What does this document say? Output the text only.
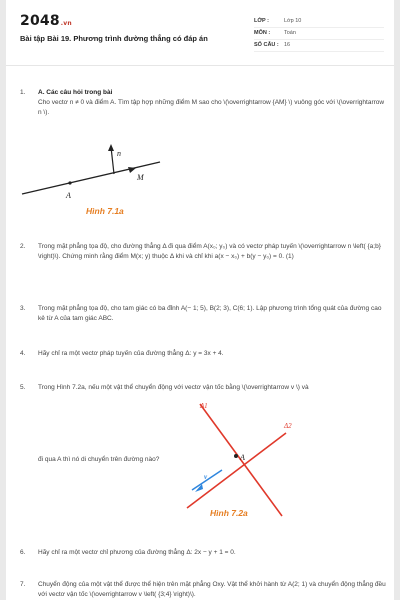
2048.vn
Bài tập Bài 19. Phương trình đường thẳng có đáp án
LỚP :	Lớp 10
MÔN :	Toán
SỐ CÂU : 16
1.	A. Các câu hỏi trong bài
Cho vectơ n ≠ 0 và điểm A. Tìm tập hợp những điểm M sao cho \(\overrightarrow {AM} \) vuông góc với \(\overrightarrow n \).
n
M
A
Hình 7.1a
2.	Trong mặt phẳng tọa độ, cho đường thẳng Δ đi qua điểm A(x₀; y₀) và có vectơ pháp tuyến \(\overrightarrow n \left( {a;b} \right)\). Chứng minh rằng điểm M(x; y) thuộc Δ khi và chỉ khi a(x − x₀) + b(y − y₀) = 0. (1)
3.	Trong mặt phẳng tọa độ, cho tam giác có ba đỉnh A(− 1; 5), B(2; 3), C(6; 1). Lập phương trình tổng quát của đường cao kẻ từ A của tam giác ABC.
4.	Hãy chỉ ra một vectơ pháp tuyến của đường thẳng Δ: y = 3x + 4.
5.	Trong Hình 7.2a, nếu một vật thể chuyển động với vectơ vận tốc bằng \(\overrightarrow v \) và
đi qua A thì nó di chuyển trên đường nào?
Δ1
Δ2
A
v
Hình 7.2a
6.	Hãy chỉ ra một vectơ chỉ phương của đường thẳng Δ: 2x − y + 1 = 0.
7.	Chuyển động của một vật thể được thể hiện trên mặt phẳng Oxy. Vật thể khởi hành từ A(2; 1) và chuyển động thẳng đều với vectơ vận tốc \(\overrightarrow v \left( {3;4} \right)\).
